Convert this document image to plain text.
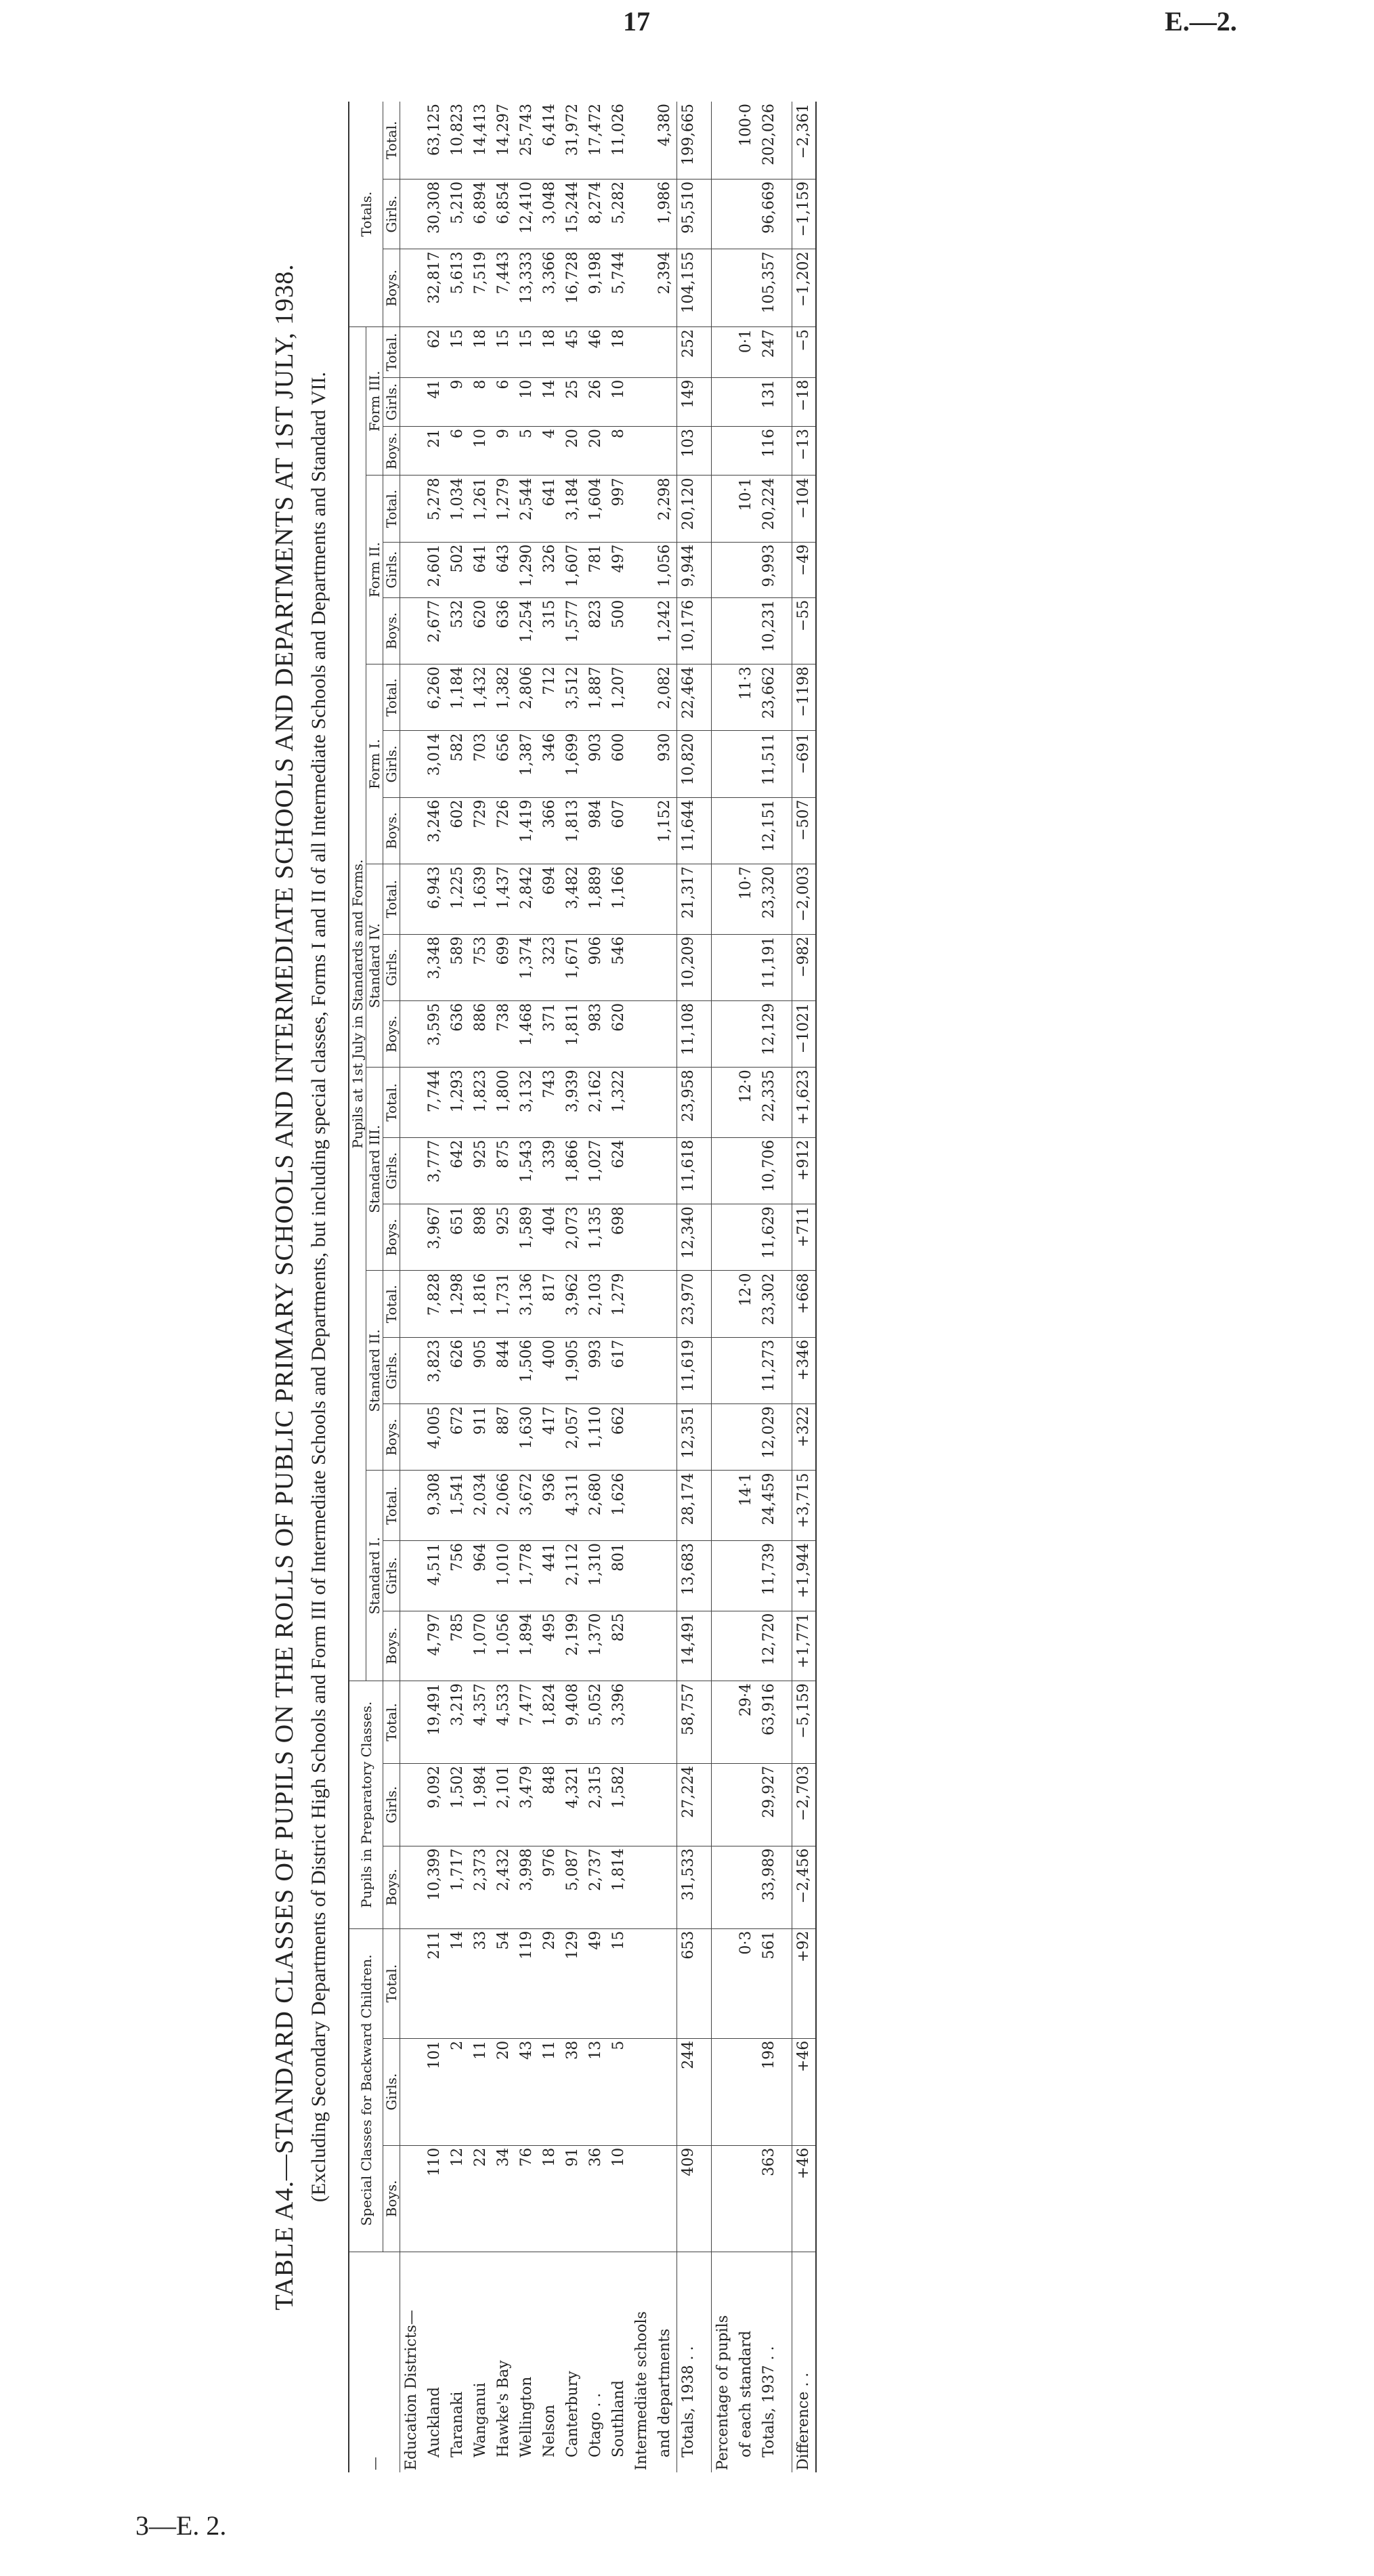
17	E.—2.
TABLE A4.—STANDARD CLASSES OF PUPILS ON THE ROLLS OF PUBLIC PRIMARY SCHOOLS AND INTERMEDIATE SCHOOLS AND DEPARTMENTS AT 1ST JULY, 1938. (Excluding Secondary Departments of District High Schools and Form III of Intermediate Schools and Departments, but including special classes, Forms I and II of all Intermediate Schools and Departments and Standard VII.
—	Special Classes for Backward Children.			Pupils in Preparatory Classes.			Pupils at 1st July in Standards and Forms.																					Totals.		
							Standard I.			Standard II.			Standard III.			Standard IV.			Form I.			Form II.			Form III.					
	Boys.	Girls.	Total.	Boys.	Girls.	Total.	Boys.	Girls.	Total.	Boys.	Girls.	Total.	Boys.	Girls.	Total.	Boys.	Girls.	Total.	Boys.	Girls.	Total.	Boys.	Girls.	Total.	Boys.	Girls.	Total.	Boys.	Girls.	Total.
Education Districts—																														
Auckland	110	101	211	10,399	9,092	19,491	4,797	4,511	9,308	4,005	3,823	7,828	3,967	3,777	7,744	3,595	3,348	6,943	3,246	3,014	6,260	2,677	2,601	5,278	21	41	62	32,817	30,308	63,125
Taranaki	12	2	14	1,717	1,502	3,219	785	756	1,541	672	626	1,298	651	642	1,293	636	589	1,225	602	582	1,184	532	502	1,034	6	9	15	5,613	5,210	10,823
Wanganui	22	11	33	2,373	1,984	4,357	1,070	964	2,034	911	905	1,816	898	925	1,823	886	753	1,639	729	703	1,432	620	641	1,261	10	8	18	7,519	6,894	14,413
Hawke's Bay	34	20	54	2,432	2,101	4,533	1,056	1,010	2,066	887	844	1,731	925	875	1,800	738	699	1,437	726	656	1,382	636	643	1,279	9	6	15	7,443	6,854	14,297
Wellington	76	43	119	3,998	3,479	7,477	1,894	1,778	3,672	1,630	1,506	3,136	1,589	1,543	3,132	1,468	1,374	2,842	1,419	1,387	2,806	1,254	1,290	2,544	5	10	15	13,333	12,410	25,743
Nelson	18	11	29	976	848	1,824	495	441	936	417	400	817	404	339	743	371	323	694	366	346	712	315	326	641	4	14	18	3,366	3,048	6,414
Canterbury	91	38	129	5,087	4,321	9,408	2,199	2,112	4,311	2,057	1,905	3,962	2,073	1,866	3,939	1,811	1,671	3,482	1,813	1,699	3,512	1,577	1,607	3,184	20	25	45	16,728	15,244	31,972
Otago . .	36	13	49	2,737	2,315	5,052	1,370	1,310	2,680	1,110	993	2,103	1,135	1,027	2,162	983	906	1,889	984	903	1,887	823	781	1,604	20	26	46	9,198	8,274	17,472
Southland	10	5	15	1,814	1,582	3,396	825	801	1,626	662	617	1,279	698	624	1,322	620	546	1,166	607	600	1,207	500	497	997	8	10	18	5,744	5,282	11,026
Intermediate schools																														
and departments																			1,152	930	2,082	1,242	1,056	2,298				2,394	1,986	4,380
Totals, 1938 . .	409	244	653	31,533	27,224	58,757	14,491	13,683	28,174	12,351	11,619	23,970	12,340	11,618	23,958	11,108	10,209	21,317	11,644	10,820	22,464	10,176	9,944	20,120	103	149	252	104,155	95,510	199,665

Percentage of pupils																														
of each standard			0·3			29·4			14·1			12·0			12·0			10·7			11·3			10·1			0·1			100·0
Totals, 1937 . .	363	198	561	33,989	29,927	63,916	12,720	11,739	24,459	12,029	11,273	23,302	11,629	10,706	22,335	12,129	11,191	23,320	12,151	11,511	23,662	10,231	9,993	20,224	116	131	247	105,357	96,669	202,026

Difference . .	+46	+46	+92	−2,456	−2,703	−5,159	+1,771	+1,944	+3,715	+322	+346	+668	+711	+912	+1,623	−1021	−982	−2,003	−507	−691	−1198	−55	−49	−104	−13	−18	−5	−1,202	−1,159	−2,361
3—E. 2.
